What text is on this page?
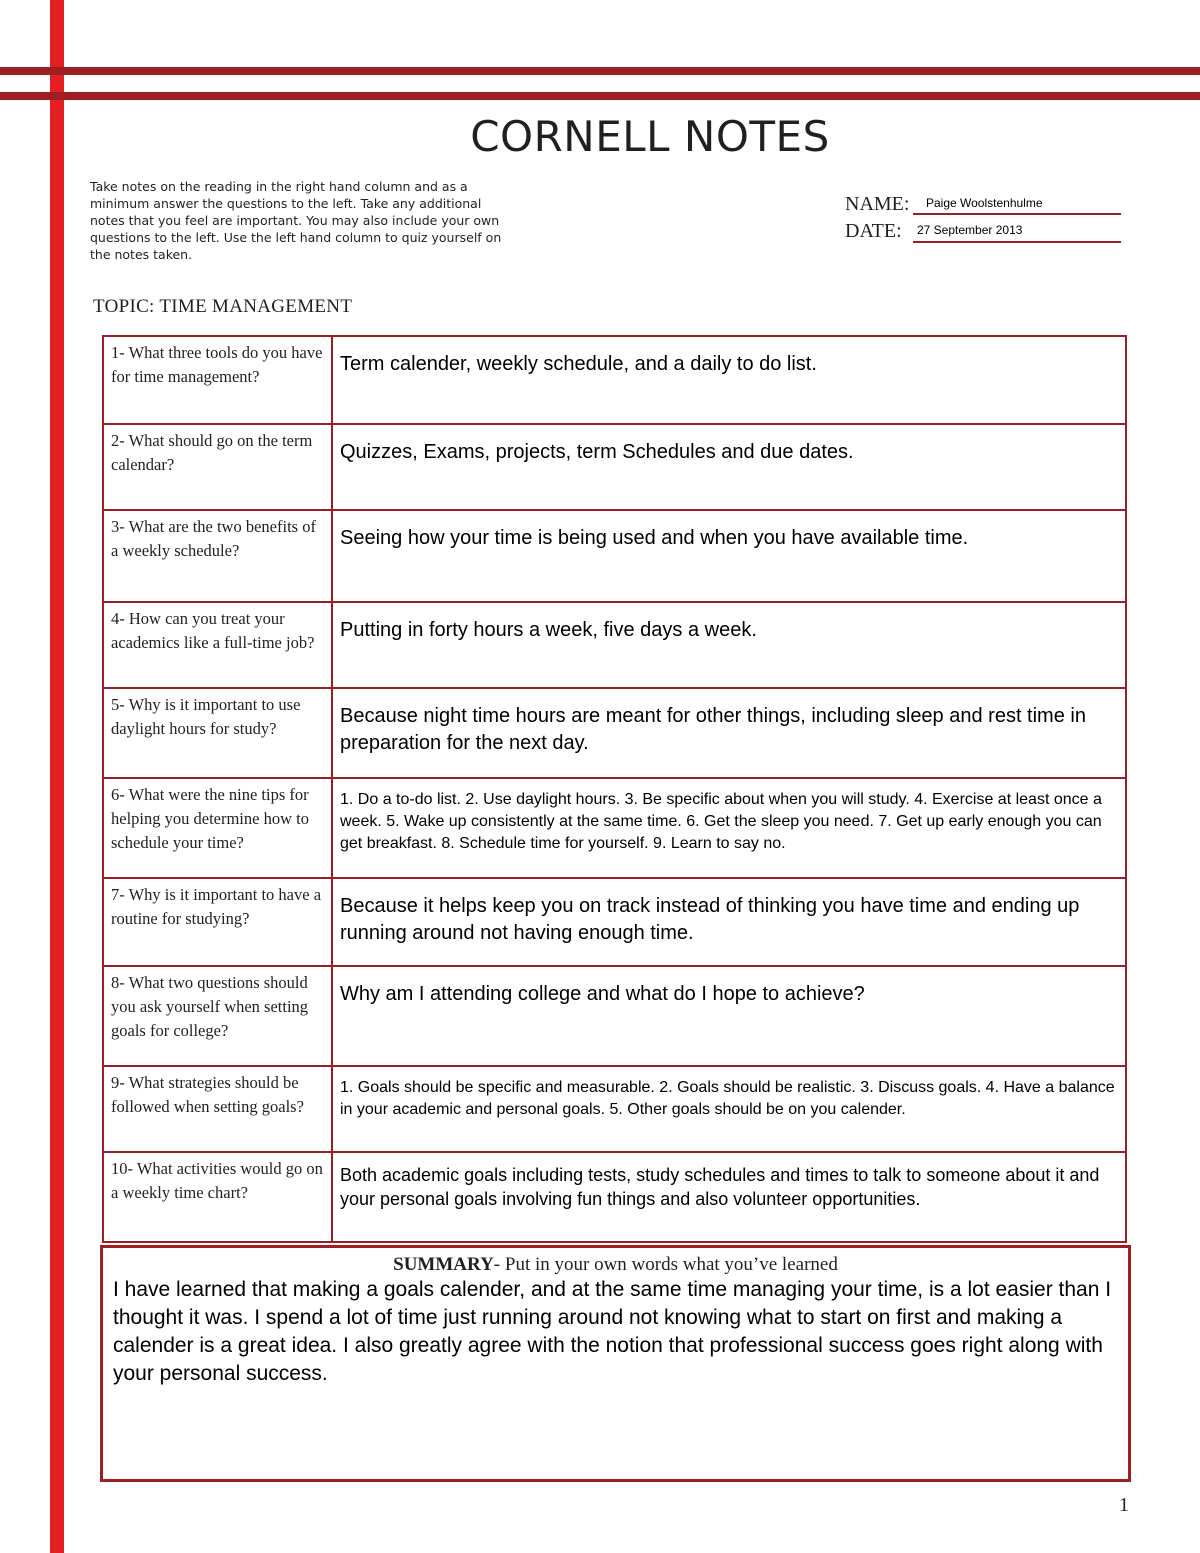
CORNELL NOTES
Take notes on the reading in the right hand column and as a minimum answer the questions to the left. Take any additional notes that you feel are important. You may also include your own questions to the left. Use the left hand column to quiz yourself on the notes taken.
NAME: Paige Woolstenhulme
DATE: 27 September 2013
TOPIC: TIME MANAGEMENT
1- What three tools do you have for time management?	Term calender, weekly schedule, and a daily to do list.
2- What should go on the term calendar?	Quizzes, Exams, projects, term Schedules and due dates.
3- What are the two benefits of a weekly schedule?	Seeing how your time is being used and when you have available time.
4- How can you treat your academics like a full-time job?	Putting in forty hours a week, five days a week.
5- Why is it important to use daylight hours for study?	Because night time hours are meant for other things, including sleep and rest time in preparation for the next day.
6- What were the nine tips for helping you determine how to schedule your time?	1. Do a to-do list. 2. Use daylight hours. 3. Be specific about when you will study. 4. Exercise at least once a week. 5. Wake up consistently at the same time. 6. Get the sleep you need. 7. Get up early enough you can get breakfast. 8. Schedule time for yourself. 9. Learn to say no.
7- Why is it important to have a routine for studying?	Because it helps keep you on track instead of thinking you have time and ending up running around not having enough time.
8- What two questions should you ask yourself when setting goals for college?	Why am I attending college and what do I hope to achieve?
9- What strategies should be followed when setting goals?	1. Goals should be specific and measurable. 2. Goals should be realistic. 3. Discuss goals. 4. Have a balance in your academic and personal goals. 5. Other goals should be on you calender.
10- What activities would go on a weekly time chart?	Both academic goals including tests, study schedules and times to talk to someone about it and your personal goals involving fun things and also volunteer opportunities.
SUMMARY- Put in your own words what you’ve learned
I have learned that making a goals calender, and at the same time managing your time, is a lot easier than I thought it was. I spend a lot of time just running around not knowing what to start on first and making a calender is a great idea. I also greatly agree with the notion that professional success goes right along with your personal success.
1
